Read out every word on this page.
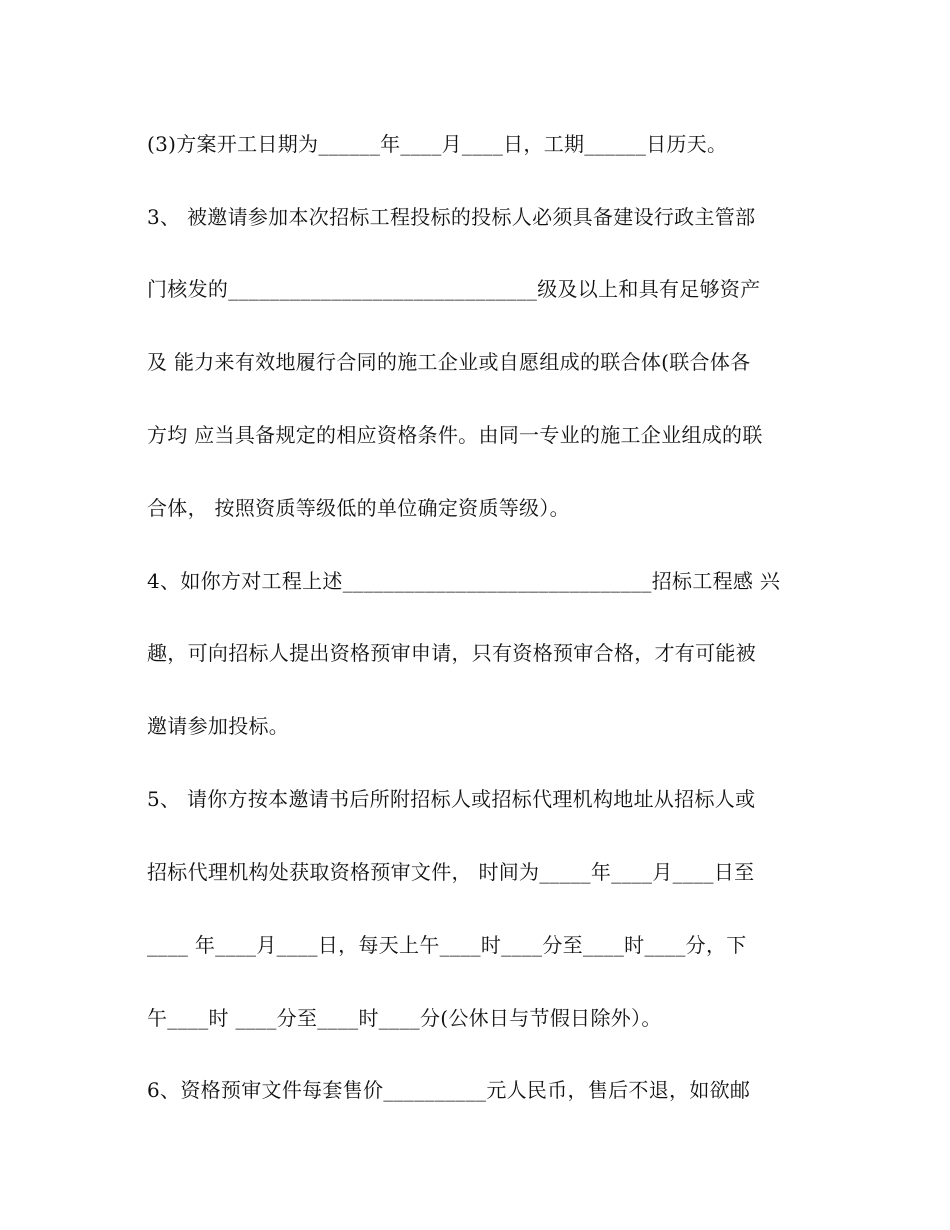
(3)方案开工日期为______年____月____日，工期______日历天。
3、 被邀请参加本次招标工程投标的投标人必须具备建设行政主管部
门核发的______________________________级及以上和具有足够资产
及 能力来有效地履行合同的施工企业或自愿组成的联合体(联合体各
方均 应当具备规定的相应资格条件。由同一专业的施工企业组成的联
合体， 按照资质等级低的单位确定资质等级）。
4、如你方对工程上述______________________________招标工程感 兴
趣，可向招标人提出资格预审申请，只有资格预审合格，才有可能被
邀请参加投标。
5、 请你方按本邀请书后所附招标人或招标代理机构地址从招标人或
招标代理机构处获取资格预审文件， 时间为_____年____月____日至
____ 年____月____日，每天上午____时____分至____时____分，下
午____时 ____分至____时____分(公休日与节假日除外）。
6、资格预审文件每套售价__________元人民币，售后不退，如欲邮
